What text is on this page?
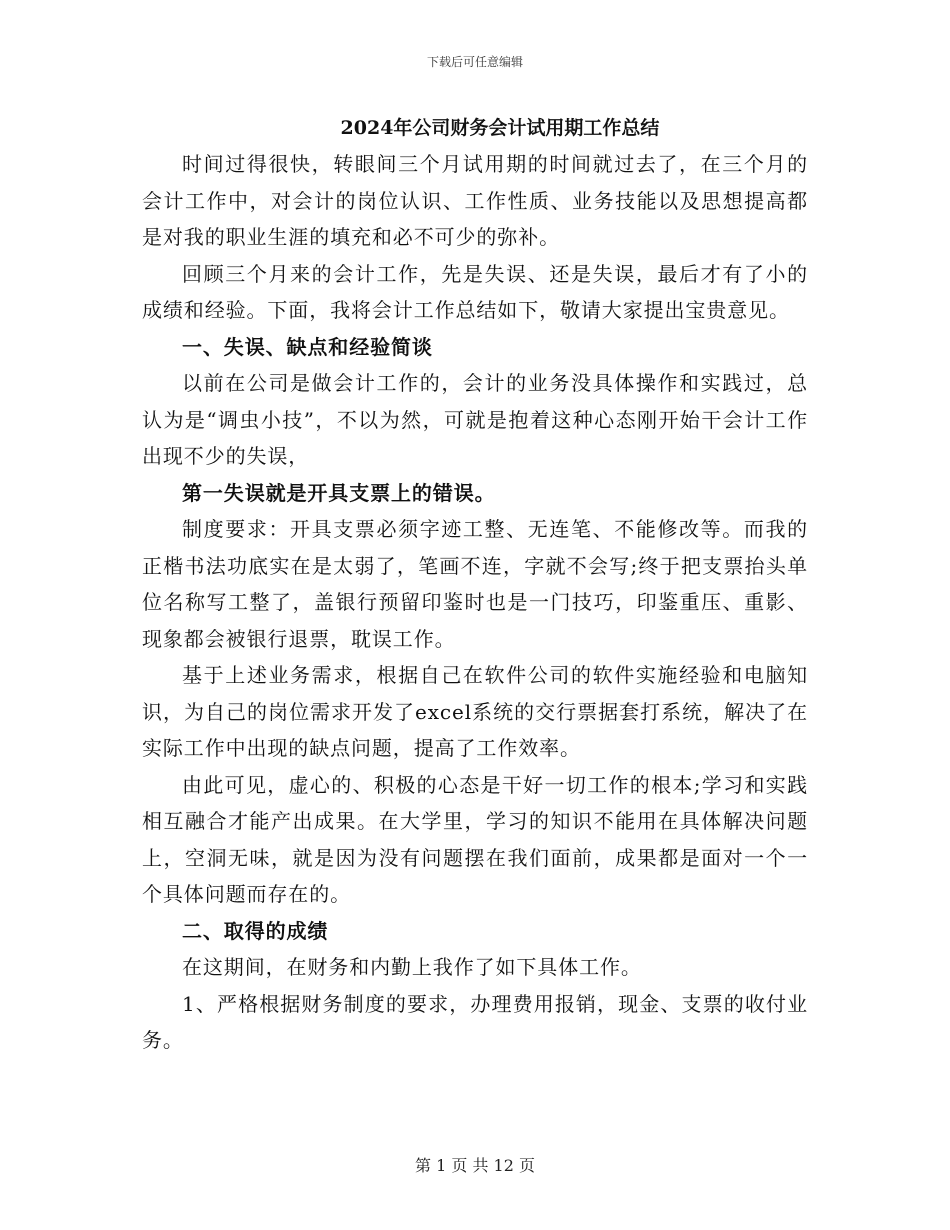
下载后可任意编辑
2024年公司财务会计试用期工作总结

时间过得很快，转眼间三个月试用期的时间就过去了，在三个月的会计工作中，对会计的岗位认识、工作性质、业务技能以及思想提高都是对我的职业生涯的填充和必不可少的弥补。

回顾三个月来的会计工作，先是失误、还是失误，最后才有了小的成绩和经验。下面，我将会计工作总结如下，敬请大家提出宝贵意见。

一、失误、缺点和经验简谈

以前在公司是做会计工作的，会计的业务没具体操作和实践过，总认为是“调虫小技”，不以为然，可就是抱着这种心态刚开始干会计工作出现不少的失误，

第一失误就是开具支票上的错误。

制度要求：开具支票必须字迹工整、无连笔、不能修改等。而我的正楷书法功底实在是太弱了，笔画不连，字就不会写;终于把支票抬头单位名称写工整了，盖银行预留印鉴时也是一门技巧，印鉴重压、重影、现象都会被银行退票，耽误工作。

基于上述业务需求，根据自己在软件公司的软件实施经验和电脑知识，为自己的岗位需求开发了excel系统的交行票据套打系统，解决了在实际工作中出现的缺点问题，提高了工作效率。

由此可见，虚心的、积极的心态是干好一切工作的根本;学习和实践相互融合才能产出成果。在大学里，学习的知识不能用在具体解决问题上，空洞无味，就是因为没有问题摆在我们面前，成果都是面对一个一个具体问题而存在的。

二、取得的成绩

在这期间，在财务和内勤上我作了如下具体工作。

1、严格根据财务制度的要求，办理费用报销，现金、支票的收付业务。

第 1 页 共 12 页
